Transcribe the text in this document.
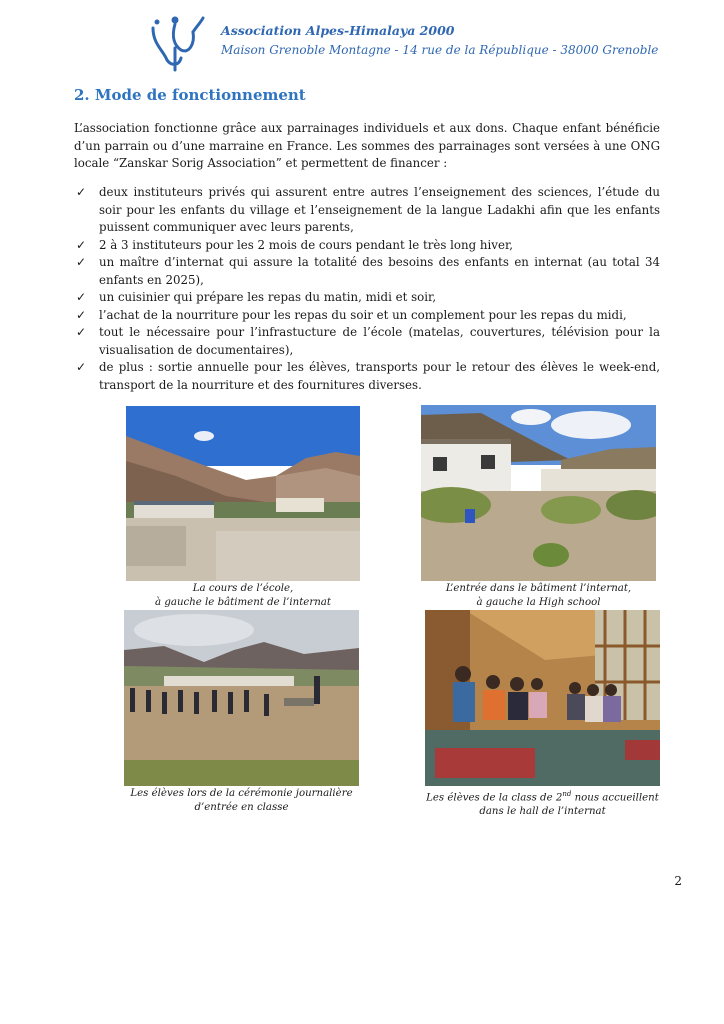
Association Alpes-Himalaya 2000
Maison Grenoble Montagne - 14 rue de la République - 38000 Grenoble
2. Mode de fonctionnement

L’association fonctionne grâce aux parrainages individuels et aux dons. Chaque enfant bénéficie d’un parrain ou d’une marraine en France. Les sommes des parrainages sont versées à une ONG locale “Zanskar Sorig Association” et permettent de financer :

✓ deux instituteurs privés qui assurent entre autres l’enseignement des sciences, l’étude du soir pour les enfants du village et l’enseignement de la langue Ladakhi afin que les enfants puissent communiquer avec leurs parents,
✓ 2 à 3 instituteurs pour les 2 mois de cours pendant le très long hiver,
✓ un maître d’internat qui assure la totalité des besoins des enfants en internat (au total 34 enfants en 2025),
✓ un cuisinier qui prépare les repas du matin, midi et soir,
✓ l’achat de la nourriture pour les repas du soir et un complement pour les repas du midi,
✓ tout le nécessaire pour l’infrastucture de l’école (matelas, couvertures, télévision pour la visualisation de documentaires),
✓ de plus : sortie annuelle pour les élèves, transports pour le retour des élèves le week-end, transport de la nourriture et des fournitures diverses.
La cours de l’école,
à gauche le bâtiment de l’internat
L’entrée dans le bâtiment l’internat,
à gauche la High school
Les élèves lors de la cérémonie journalière
d’entrée en classe
Les élèves de la class de 2nd nous accueillent
dans le hall de l’internat
2
